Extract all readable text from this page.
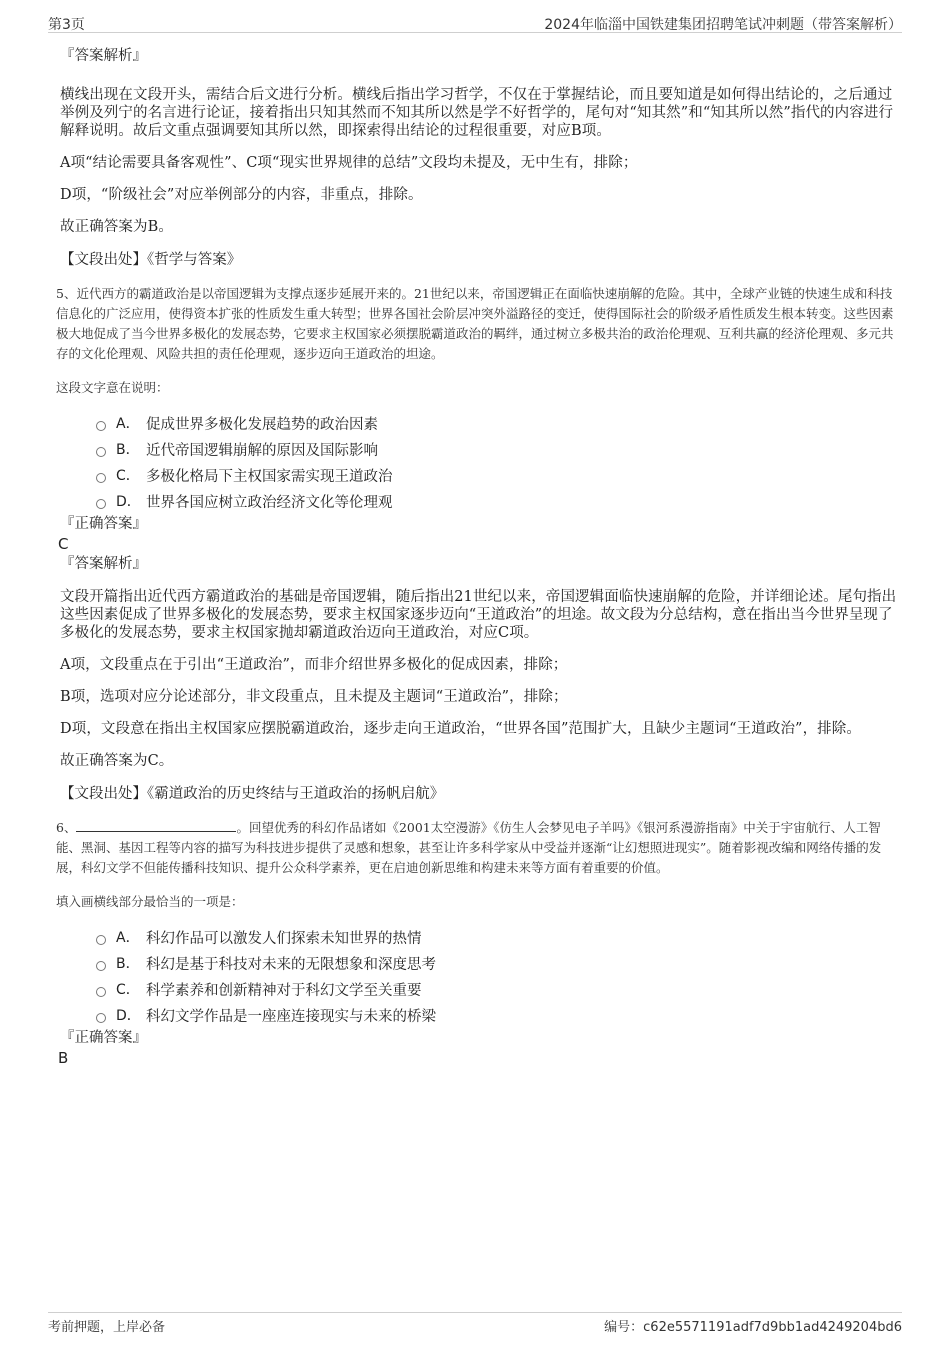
第3页	2024年临淄中国铁建集团招聘笔试冲刺题（带答案解析）
『答案解析』

横线出现在文段开头，需结合后文进行分析。横线后指出学习哲学，不仅在于掌握结论，而且要知道是如何得出结论的，之后通过举例及列宁的名言进行论证，接着指出只知其然而不知其所以然是学不好哲学的，尾句对“知其然”和“知其所以然”指代的内容进行解释说明。故后文重点强调要知其所以然，即探索得出结论的过程很重要，对应B项。

A项“结论需要具备客观性”、C项“现实世界规律的总结”文段均未提及，无中生有，排除；

D项，“阶级社会”对应举例部分的内容，非重点，排除。

故正确答案为B。

【文段出处】《哲学与答案》

5、近代西方的霸道政治是以帝国逻辑为支撑点逐步延展开来的。21世纪以来，帝国逻辑正在面临快速崩解的危险。其中，全球产业链的快速生成和科技信息化的广泛应用，使得资本扩张的性质发生重大转型；世界各国社会阶层冲突外溢路径的变迁，使得国际社会的阶级矛盾性质发生根本转变。这些因素极大地促成了当今世界多极化的发展态势，它要求主权国家必须摆脱霸道政治的羁绊，通过树立多极共治的政治伦理观、互利共赢的经济伦理观、多元共存的文化伦理观、风险共担的责任伦理观，逐步迈向王道政治的坦途。

这段文字意在说明：

A． 促成世界多极化发展趋势的政治因素
B． 近代帝国逻辑崩解的原因及国际影响
C． 多极化格局下主权国家需实现王道政治
D． 世界各国应树立政治经济文化等伦理观
『正确答案』
C
『答案解析』

文段开篇指出近代西方霸道政治的基础是帝国逻辑，随后指出21世纪以来，帝国逻辑面临快速崩解的危险，并详细论述。尾句指出这些因素促成了世界多极化的发展态势，要求主权国家逐步迈向“王道政治”的坦途。故文段为分总结构，意在指出当今世界呈现了多极化的发展态势，要求主权国家抛却霸道政治迈向王道政治，对应C项。

A项，文段重点在于引出“王道政治”，而非介绍世界多极化的促成因素，排除；

B项，选项对应分论述部分，非文段重点，且未提及主题词“王道政治”，排除；

D项，文段意在指出主权国家应摆脱霸道政治，逐步走向王道政治，“世界各国”范围扩大，且缺少主题词“王道政治”，排除。

故正确答案为C。

【文段出处】《霸道政治的历史终结与王道政治的扬帆启航》

6、	。回望优秀的科幻作品诸如《2001太空漫游》《仿生人会梦见电子羊吗》《银河系漫游指南》中关于宇宙航行、人工智能、黑洞、基因工程等内容的描写为科技进步提供了灵感和想象，甚至让许多科学家从中受益并逐渐“让幻想照进现实”。随着影视改编和网络传播的发展，科幻文学不但能传播科技知识、提升公众科学素养，更在启迪创新思维和构建未来等方面有着重要的价值。

填入画横线部分最恰当的一项是：

A． 科幻作品可以激发人们探索未知世界的热情
B． 科幻是基于科技对未来的无限想象和深度思考
C． 科学素养和创新精神对于科幻文学至关重要
D． 科幻文学作品是一座座连接现实与未来的桥梁
『正确答案』
B
考前押题，上岸必备	编号：c62e5571191adf7d9bb1ad4249204bd6
